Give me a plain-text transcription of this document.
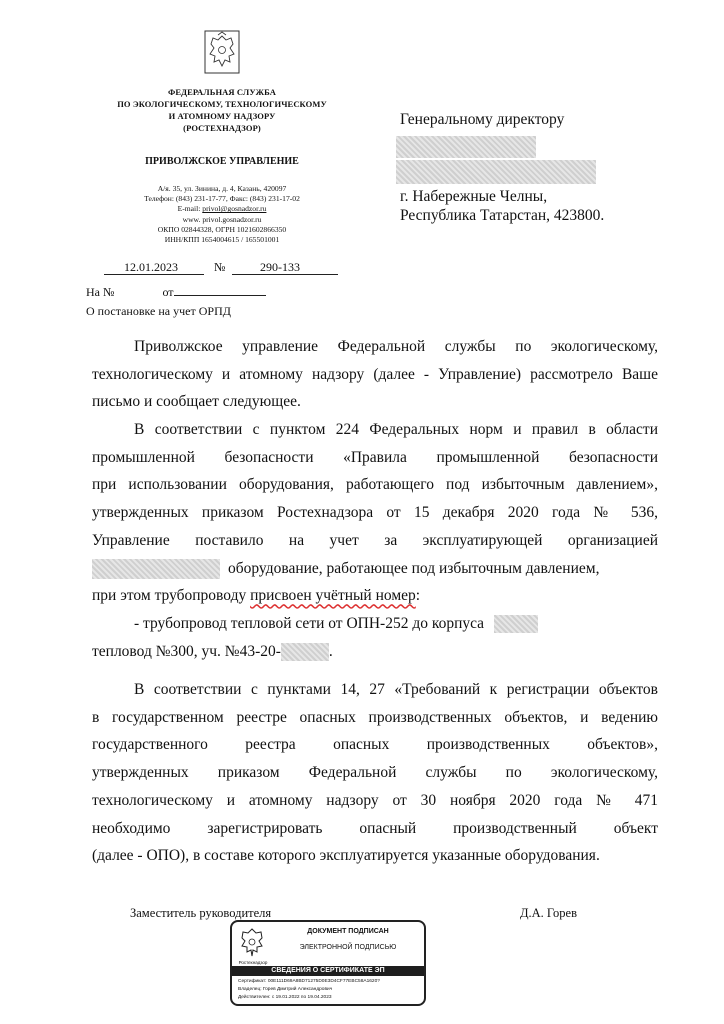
ФЕДЕРАЛЬНАЯ СЛУЖБА
ПО ЭКОЛОГИЧЕСКОМУ, ТЕХНОЛОГИЧЕСКОМУ
И АТОМНОМУ НАДЗОРУ
(РОСТЕХНАДЗОР)
ПРИВОЛЖСКОЕ УПРАВЛЕНИЕ
А/я. 35, ул. Зинина, д. 4, Казань, 420097
Телефон: (843) 231-17-77, Факс: (843) 231-17-02
E-mail: privol@gosnadzor.ru
www. privol.gosnadzor.ru
ОКПО 02844328, ОГРН 1021602866350
ИНН/КПП 1654004615 / 165501001
12.01.2023	№	290-133
На №	от
О постановке на учет ОРПД
Генеральному директору
г. Набережные Челны,
Республика Татарстан, 423800.
Приволжское управление Федеральной службы по экологическому,
технологическому и атомному надзору (далее - Управление) рассмотрело Ваше
письмо и сообщает следующее.
В соответствии с пунктом 224 Федеральных норм и правил в области
промышленной безопасности «Правила промышленной безопасности
при использовании оборудования, работающего под избыточным давлением»,
утвержденных приказом Ростехнадзора от 15 декабря 2020 года № 536,
Управление поставило на учет за эксплуатирующей организацией
оборудование, работающее под избыточным давлением,
при этом трубопроводу присвоен учётный номер:
- трубопровод тепловой сети от ОПН-252 до корпуса
тепловод №300, уч. №43-20-	.
В соответствии с пунктами 14, 27 «Требований к регистрации объектов
в государственном реестре опасных производственных объектов, и ведению
государственного реестра опасных производственных объектов»,
утвержденных приказом Федеральной службы по экологическому,
технологическому и атомному надзору от 30 ноября 2020 года № 471
необходимо зарегистрировать опасный производственный объект
(далее - ОПО), в составе которого эксплуатируется указанные оборудования.
Заместитель руководителя	Д.А. Горев
Ростехнадзор
ДОКУМЕНТ ПОДПИСАН
ЭЛЕКТРОННОЙ ПОДПИСЬЮ
СВЕДЕНИЯ О СЕРТИФИКАТЕ ЭП
Сертификат: 00E111D69A8BD71275D0E3D4CF77EBC58A1620?
Владелец: Горев Дмитрий Александрович
Действителен: с 19.01.2022 по 19.04.2023
